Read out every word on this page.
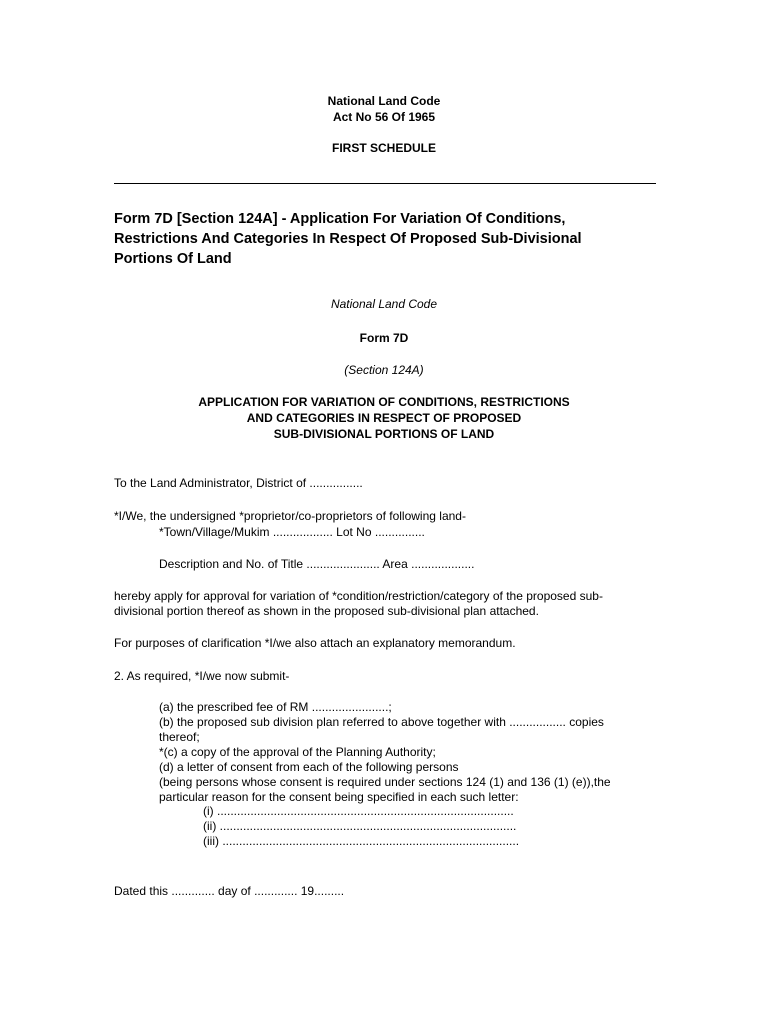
National Land Code
Act No 56 Of 1965
FIRST SCHEDULE
Form 7D [Section 124A] - Application For Variation Of Conditions,
Restrictions And Categories In Respect Of Proposed Sub-Divisional
Portions Of Land
National Land Code
Form 7D
(Section 124A)
APPLICATION FOR VARIATION OF CONDITIONS, RESTRICTIONS
AND CATEGORIES IN RESPECT OF PROPOSED
SUB-DIVISIONAL PORTIONS OF LAND
To the Land Administrator, District of ................
*I/We, the undersigned *proprietor/co-proprietors of following land-
*Town/Village/Mukim .................. Lot No ...............
Description and No. of Title ...................... Area ...................
hereby apply for approval for variation of *condition/restriction/category of the proposed sub-
divisional portion thereof as shown in the proposed sub-divisional plan attached.
For purposes of clarification *I/we also attach an explanatory memorandum.
2. As required, *I/we now submit-
(a) the prescribed fee of RM .......................;
(b) the proposed sub division plan referred to above together with ................. copies
thereof;
*(c) a copy of the approval of the Planning Authority;
(d) a letter of consent from each of the following persons
(being persons whose consent is required under sections 124 (1) and 136 (1) (e)),the
particular reason for the consent being specified in each such letter:
(i) .........................................................................................
(ii) .........................................................................................
(iii) .........................................................................................
Dated this ............. day of ............. 19.........
